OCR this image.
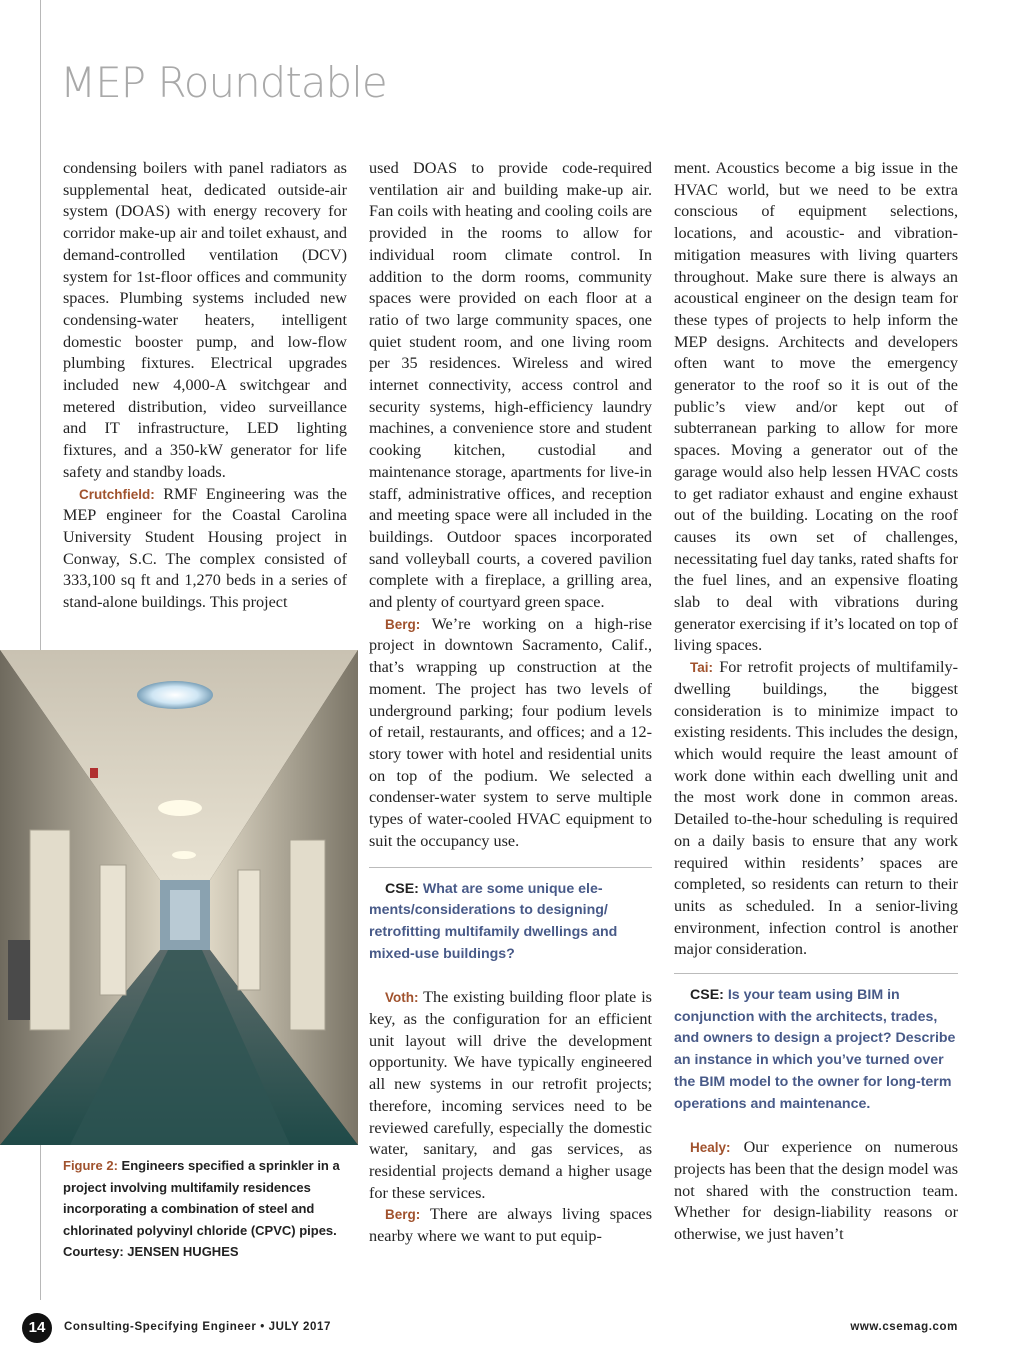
MEP Roundtable

condensing boilers with panel radiators as supplemental heat, dedicated outside-air system (DOAS) with energy recovery for corridor make-up air and toilet exhaust, and demand-controlled ventilation (DCV) system for 1st-floor offices and community spaces. Plumbing systems included new condensing-water heaters, intelligent domestic booster pump, and low-flow plumbing fixtures. Electrical upgrades included new 4,000-A switchgear and metered distribution, video surveillance and IT infrastructure, LED lighting fixtures, and a 350-kW generator for life safety and standby loads.

Crutchfield: RMF Engineering was the MEP engineer for the Coastal Carolina University Student Housing project in Conway, S.C. The complex consisted of 333,100 sq ft and 1,270 beds in a series of stand-alone buildings. This project

Figure 2: Engineers specified a sprinkler in a project involving multifamily residences incorporating a combination of steel and chlorinated polyvinyl chloride (CPVC) pipes. Courtesy: JENSEN HUGHES

used DOAS to provide code-required ventilation air and building make-up air. Fan coils with heating and cooling coils are provided in the rooms to allow for individual room climate control. In addition to the dorm rooms, community spaces were provided on each floor at a ratio of two large community spaces, one quiet student room, and one living room per 35 residences. Wireless and wired internet connectivity, access control and security systems, high-efficiency laundry machines, a convenience store and student cooking kitchen, custodial and maintenance storage, apartments for live-in staff, administrative offices, and reception and meeting space were all included in the buildings. Outdoor spaces incorporated sand volleyball courts, a covered pavilion complete with a fireplace, a grilling area, and plenty of courtyard green space.

Berg: We’re working on a high-rise project in downtown Sacramento, Calif., that’s wrapping up construction at the moment. The project has two levels of underground parking; four podium levels of retail, restaurants, and offices; and a 12-story tower with hotel and residential units on top of the podium. We selected a condenser-water system to serve multiple types of water-cooled HVAC equipment to suit the occupancy use.

CSE: What are some unique elements/considerations to designing/ retrofitting multifamily dwellings and mixed-use buildings?

Voth: The existing building floor plate is key, as the configuration for an efficient unit layout will drive the development opportunity. We have typically engineered all new systems in our retrofit projects; therefore, incoming services need to be reviewed carefully, especially the domestic water, sanitary, and gas services, as residential projects demand a higher usage for these services.

Berg: There are always living spaces nearby where we want to put equip-

ment. Acoustics become a big issue in the HVAC world, but we need to be extra conscious of equipment selections, locations, and acoustic- and vibration-mitigation measures with living quarters throughout. Make sure there is always an acoustical engineer on the design team for these types of projects to help inform the MEP designs. Architects and developers often want to move the emergency generator to the roof so it is out of the public’s view and/or kept out of subterranean parking to allow for more spaces. Moving a generator out of the garage would also help lessen HVAC costs to get radiator exhaust and engine exhaust out of the building. Locating on the roof causes its own set of challenges, necessitating fuel day tanks, rated shafts for the fuel lines, and an expensive floating slab to deal with vibrations during generator exercising if it’s located on top of living spaces.

Tai: For retrofit projects of multifamily-dwelling buildings, the biggest consideration is to minimize impact to existing residents. This includes the design, which would require the least amount of work done within each dwelling unit and the most work done in common areas. Detailed to-the-hour scheduling is required on a daily basis to ensure that any work required within residents’ spaces are completed, so residents can return to their units as scheduled. In a senior-living environment, infection control is another major consideration.

CSE: Is your team using BIM in conjunction with the architects, trades, and owners to design a project? Describe an instance in which you’ve turned over the BIM model to the owner for long-term operations and maintenance.

Healy: Our experience on numerous projects has been that the design model was not shared with the construction team. Whether for design-liability reasons or otherwise, we just haven’t

14	Consulting-Specifying Engineer • JULY 2017	www.csemag.com
